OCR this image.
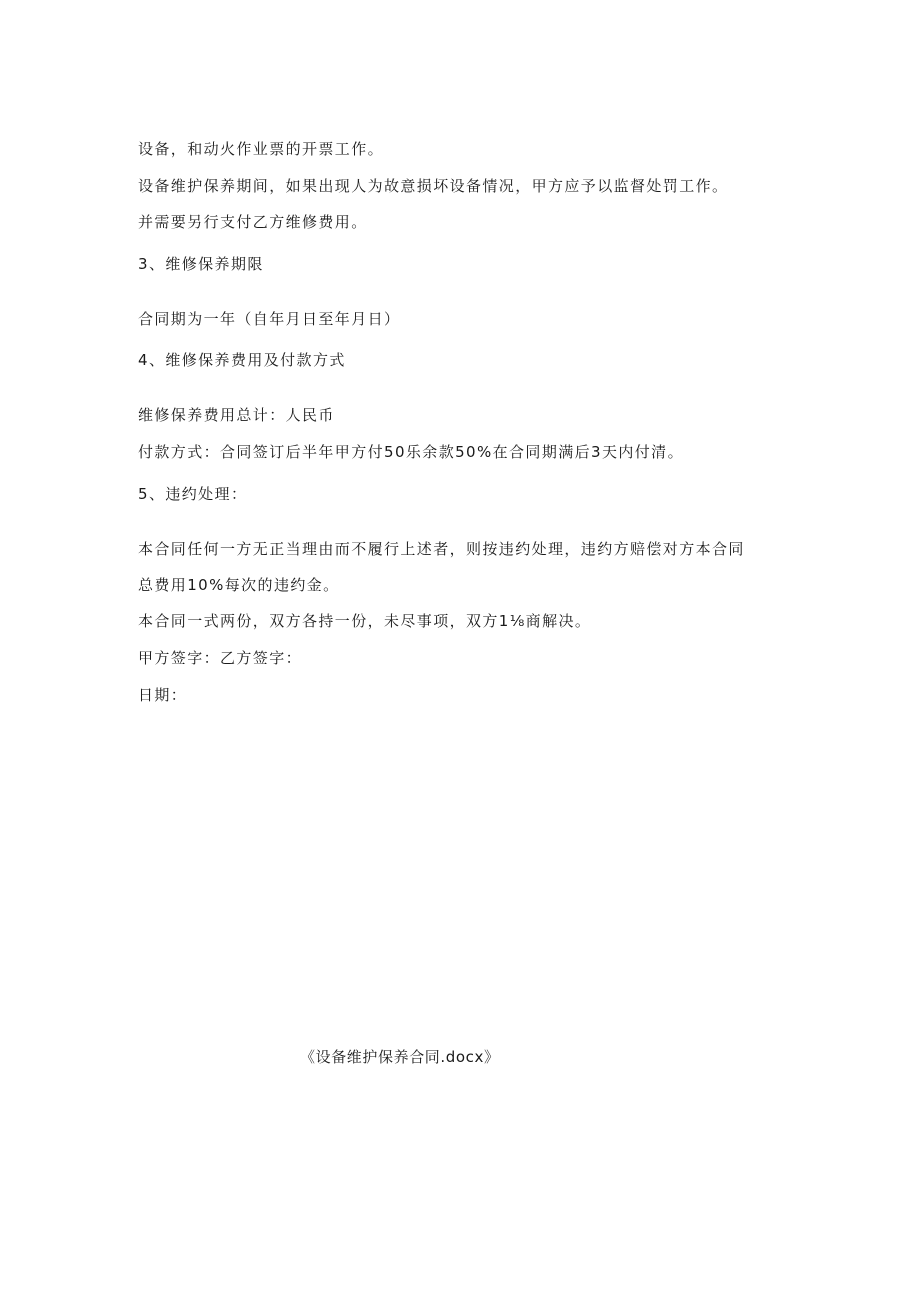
设备，和动火作业票的开票工作。
设备维护保养期间，如果出现人为故意损坏设备情况，甲方应予以监督处罚工作。
并需要另行支付乙方维修费用。
3、维修保养期限
合同期为一年（自年月日至年月日）
4、维修保养费用及付款方式
维修保养费用总计：人民币
付款方式：合同签订后半年甲方付50乐余款50%在合同期满后3天内付清。
5、违约处理：
本合同任何一方无正当理由而不履行上述者，则按违约处理，违约方赔偿对方本合同
总费用10%每次的违约金。
本合同一式两份，双方各持一份，未尽事项，双方1⅛商解决。
甲方签字：乙方签字：
日期：
《设备维护保养合同.docx》
